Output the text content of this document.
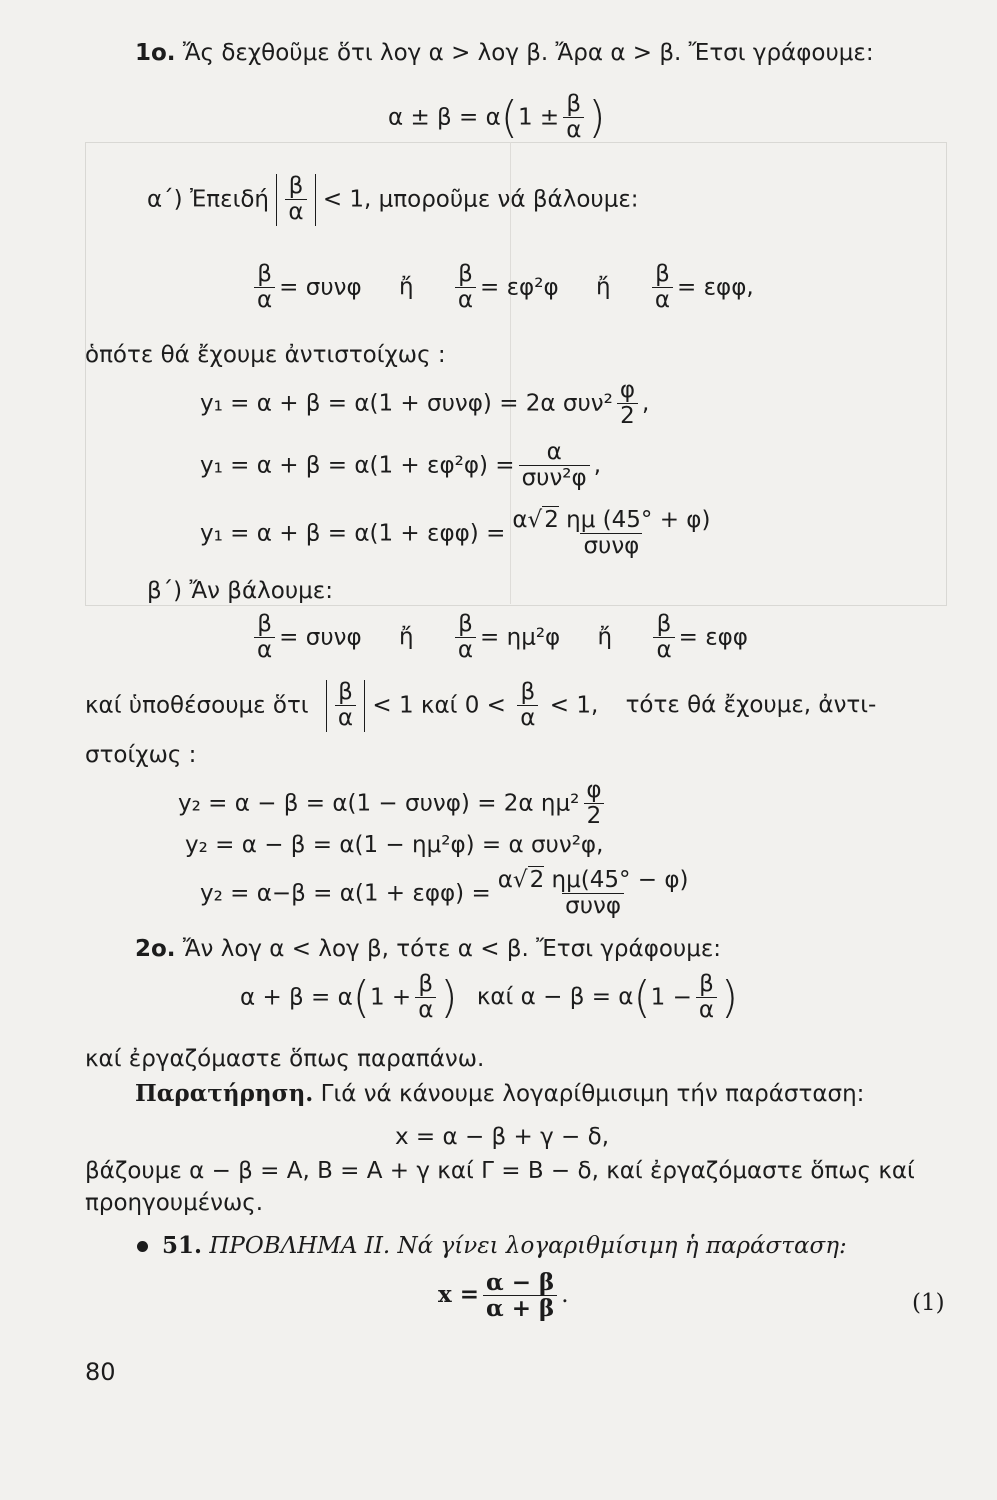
1ο. Ἄς δεχθοῦμε ὅτι λογ α > λογ β. Ἄρα α > β. Ἔτσι γράφουμε:
$\alpha \pm \beta = \alpha(1 \pm \frac{\beta}{\alpha}$ )
α΄) Ἐπειδή $\frac{\beta}{\alpha} < 1$, μποροῦμε νά βάλουμε:
$\frac{\beta}{\alpha} = \sigma\upsilon\nu\varphi$ ἤ $\frac{\beta}{\alpha} = \varepsilon\varphi^2\varphi$ ἤ $\frac{\beta}{\alpha} = \varepsilon\varphi\varphi$,
ὁπότε θά ἔχουμε ἀντιστοίχως :
y₁ = α + β = α(1 + συνφ) = 2α $\sigma\upsilon\nu^2 \frac{\varphi}{2}$ ,
$y_1 = \alpha + \beta = \alpha(1 + \varepsilon\varphi^2\varphi) = \frac{\alpha}{\text{συν²φ}}$ ,
$y_1 = \alpha + \beta = \alpha(1 + \varepsilon\varphi\varphi) = \frac{\alpha√2 \eta\mu (45^\circ + \varphi)}{\text{συνφ}}$
β΄) Ἄν βάλουμε:
$\frac{\beta}{\alpha} = \sigma\upsilon\nu\varphi$ ἤ $\frac{\beta}{\alpha} = \eta\mu^2\varphi$ ἤ $\frac{\beta}{\alpha} = \varepsilon\varphi\varphi$
καί ὑποθέσουμε ὅτι $\frac{\beta}{\alpha} < 1$ καί $0 < \frac{\beta}{\alpha} < 1$, τότε θά ἔχουμε, ἀντι-
στοίχως :
y₂ = α − β = α(1 − συνφ) = 2α $\eta\mu^2 \frac{\varphi}{2}$
y₂ = α − β = α(1 − ημ²φ) = α συν²φ,
$y_2 = \alpha-\beta = \alpha(1 + \varepsilon\varphi\varphi) = \frac{\alpha√2 \eta\mu(45^\circ - \varphi)}{\text{συνφ}}$
2ο. Ἄν λογ α < λογ β, τότε α < β. Ἔτσι γράφουμε:
$\alpha + \beta = \alpha(1 + \frac{\beta}{\alpha}$ ) καί $\alpha - \beta = \alpha(1 - \frac{\beta}{\alpha}$ )
καί ἐργαζόμαστε ὅπως παραπάνω.
Παρατήρηση. Γιά νά κάνουμε λογαρίθμισιμη τήν παράσταση:
x = α − β + γ − δ,
βάζουμε α − β = Α, Β = Α + γ καί Γ = Β − δ, καί ἐργαζόμαστε ὅπως καί
προηγουμένως.
51. ΠΡΟΒΛΗΜΑ ΙΙ. Νά γίνει λογαριθμίσιμη ἡ παράσταση:
$x = \frac{\alpha - \beta}{\alpha + \beta}$ .	(1)
80
